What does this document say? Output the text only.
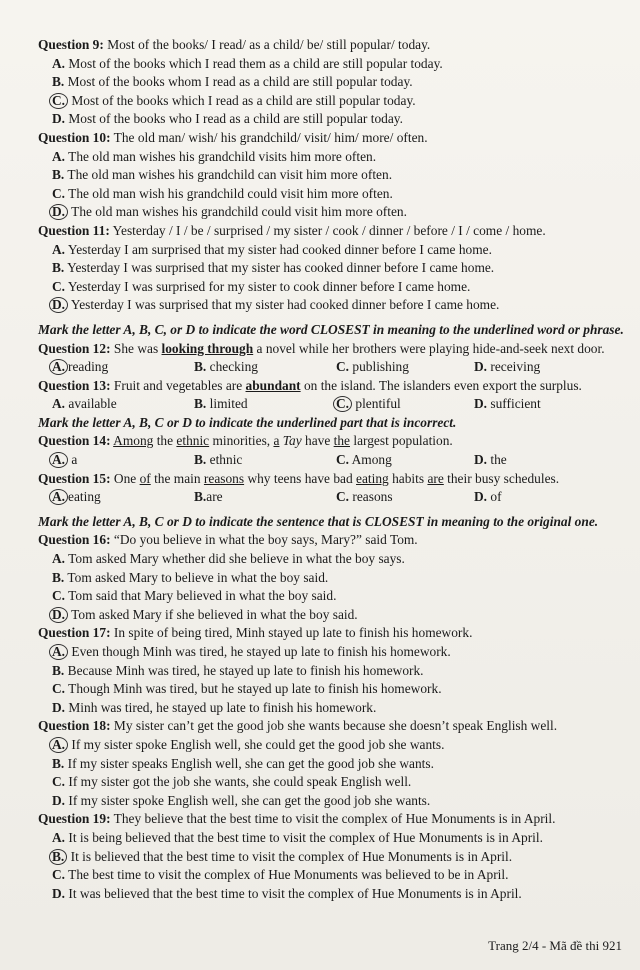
Question 9: Most of the books/ I read/ as a child/ be/ still popular/ today.
A. Most of the books which I read them as a child are still popular today.
B. Most of the books whom I read as a child are still popular today.
C. Most of the books which I read as a child are still popular today.
D. Most of the books who I read as a child are still popular today.
Question 10: The old man/ wish/ his grandchild/ visit/ him/ more/ often.
A. The old man wishes his grandchild visits him more often.
B. The old man wishes his grandchild can visit him more often.
C. The old man wish his grandchild could visit him more often.
D. The old man wishes his grandchild could visit him more often.
Question 11: Yesterday / I / be / surprised / my sister / cook / dinner / before / I / come / home.
A. Yesterday I am surprised that my sister had cooked dinner before I came home.
B. Yesterday I was surprised that my sister has cooked dinner before I came home.
C. Yesterday I was surprised for my sister to cook dinner before I came home.
D. Yesterday I was surprised that my sister had cooked dinner before I came home.
Mark the letter A, B, C, or D to indicate the word CLOSEST in meaning to the underlined word or phrase.
Question 12: She was looking through a novel while her brothers were playing hide-and-seek next door.
A. reading	B. checking	C. publishing	D. receiving
Question 13: Fruit and vegetables are abundant on the island. The islanders even export the surplus.
A. available	B. limited	C. plentiful	D. sufficient
Mark the letter A, B, C or D to indicate the underlined part that is incorrect.
Question 14: Among the ethnic minorities, a Tay have the largest population.
A. a	B. ethnic	C. Among	D. the
Question 15: One of the main reasons why teens have bad eating habits are their busy schedules.
A. eating	B.are	C. reasons	D. of
Mark the letter A, B, C or D to indicate the sentence that is CLOSEST in meaning to the original one.
Question 16: “Do you believe in what the boy says, Mary?” said Tom.
A. Tom asked Mary whether did she believe in what the boy says.
B. Tom asked Mary to believe in what the boy said.
C. Tom said that Mary believed in what the boy said.
D. Tom asked Mary if she believed in what the boy said.
Question 17: In spite of being tired, Minh stayed up late to finish his homework.
A. Even though Minh was tired, he stayed up late to finish his homework.
B. Because Minh was tired, he stayed up late to finish his homework.
C. Though Minh was tired, but he stayed up late to finish his homework.
D. Minh was tired, he stayed up late to finish his homework.
Question 18: My sister can’t get the good job she wants because she doesn’t speak English well.
A. If my sister spoke English well, she could get the good job she wants.
B. If my sister speaks English well, she can get the good job she wants.
C. If my sister got the job she wants, she could speak English well.
D. If my sister spoke English well, she can get the good job she wants.
Question 19: They believe that the best time to visit the complex of Hue Monuments is in April.
A. It is being believed that the best time to visit the complex of Hue Monuments is in April.
B. It is believed that the best time to visit the complex of Hue Monuments is in April.
C. The best time to visit the complex of Hue Monuments was believed to be in April.
D. It was believed that the best time to visit the complex of Hue Monuments is in April.
Trang 2/4 - Mã đề thi 921
